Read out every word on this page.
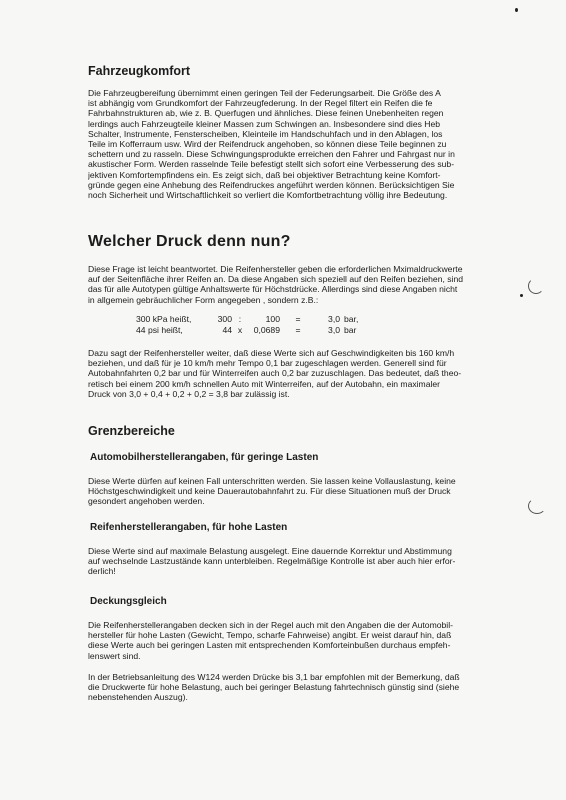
Fahrzeugkomfort
Die Fahrzeugbereifung übernimmt einen geringen Teil der Federungsarbeit. Die Größe des A
ist abhängig vom Grundkomfort der Fahrzeugfederung. In der Regel filtert ein Reifen die fe
Fahrbahnstrukturen ab, wie z. B. Querfugen und ähnliches. Diese feinen Unebenheiten regen
lerdings auch Fahrzeugteile kleiner Massen zum Schwingen an. Insbesondere sind dies Heb
Schalter, Instrumente, Fensterscheiben, Kleinteile im Handschuhfach und in den Ablagen, los
Teile im Kofferraum usw. Wird der Reifendruck angehoben, so können diese Teile beginnen zu
schettern und zu rasseln. Diese Schwingungsprodukte erreichen den Fahrer und Fahrgast nur in
akustischer Form. Werden rasselnde Teile befestigt stellt sich sofort eine Verbesserung des sub-
jektiven Komfortempfindens ein. Es zeigt sich, daß bei objektiver Betrachtung keine Komfort-
gründe gegen eine Anhebung des Reifendruckes angeführt werden können. Berücksichtigen Sie
noch Sicherheit und Wirtschaftlichkeit so verliert die Komfortbetrachtung völlig ihre Bedeutung.
Welcher Druck denn nun?
Diese Frage ist leicht beantwortet. Die Reifenhersteller geben die erforderlichen Mximaldruckwerte
auf der Seitenfläche ihrer Reifen an. Da diese Angaben sich speziell auf den Reifen beziehen, sind
das für alle Autotypen gültige Anhaltswerte für Höchstdrücke. Allerdings sind diese Angaben nicht
in allgemein gebräuchlicher Form angegeben , sondern z.B.:
300 kPa heißt,	300 :	100 =	3,0 bar,
44 psi heißt,	44 x 0,0689 =	3,0 bar
Dazu sagt der Reifenhersteller weiter, daß diese Werte sich auf Geschwindigkeiten bis 160 km/h
beziehen, und daß für je 10 km/h mehr Tempo 0,1 bar zugeschlagen werden. Generell sind für
Autobahnfahrten 0,2 bar und für Winterreifen auch 0,2 bar zuzuschlagen. Das bedeutet, daß theo-
retisch bei einem 200 km/h schnellen Auto mit Winterreifen, auf der Autobahn, ein maximaler
Druck von 3,0 + 0,4 + 0,2 + 0,2 = 3,8 bar zulässig ist.
Grenzbereiche
Automobilherstellerangaben, für geringe Lasten
Diese Werte dürfen auf keinen Fall unterschritten werden. Sie lassen keine Vollauslastung, keine
Höchstgeschwindigkeit und keine Dauerautobahnfahrt zu. Für diese Situationen muß der Druck
gesondert angehoben werden.
Reifenherstellerangaben, für hohe Lasten
Diese Werte sind auf maximale Belastung ausgelegt. Eine dauernde Korrektur und Abstimmung
auf wechselnde Lastzustände kann unterbleiben. Regelmäßige Kontrolle ist aber auch hier erfor-
derlich!
Deckungsgleich
Die Reifenherstellerangaben decken sich in der Regel auch mit den Angaben die der Automobil-
hersteller für hohe Lasten (Gewicht, Tempo, scharfe Fahrweise) angibt. Er weist darauf hin, daß
diese Werte auch bei geringen Lasten mit entsprechenden Komforteinbußen durchaus empfeh-
lenswert sind.
In der Betriebsanleitung des W124 werden Drücke bis 3,1 bar empfohlen mit der Bemerkung, daß
die Druckwerte für hohe Belastung, auch bei geringer Belastung fahrtechnisch günstig sind (siehe
nebenstehenden Auszug).
